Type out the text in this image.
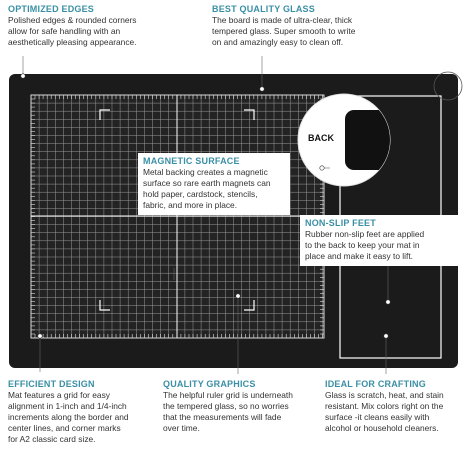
BACK
OPTIMIZED EDGES
Polished edges & rounded corners
allow for safe handling with an
aesthetically pleasing appearance.
BEST QUALITY GLASS
The board is made of ultra-clear, thick
tempered glass. Super smooth to write
on and amazingly easy to clean off.
MAGNETIC SURFACE
Metal backing creates a magnetic
surface so rare earth magnets can
hold paper, cardstock, stencils,
fabric, and more in place.
NON-SLIP FEET
Rubber non-slip feet are applied
to the back to keep your mat in
place and make it easy to lift.
EFFICIENT DESIGN
Mat features a grid for easy
alignment in 1-inch and 1/4-inch
increments along the border and
center lines, and corner marks
for A2 classic card size.
QUALITY GRAPHICS
The helpful ruler grid is underneath
the tempered glass, so no worries
that the measurements will fade
over time.
IDEAL FOR CRAFTING
Glass is scratch, heat, and stain
resistant. Mix colors right on the
surface -it cleans easily with
alcohol or household cleaners.
